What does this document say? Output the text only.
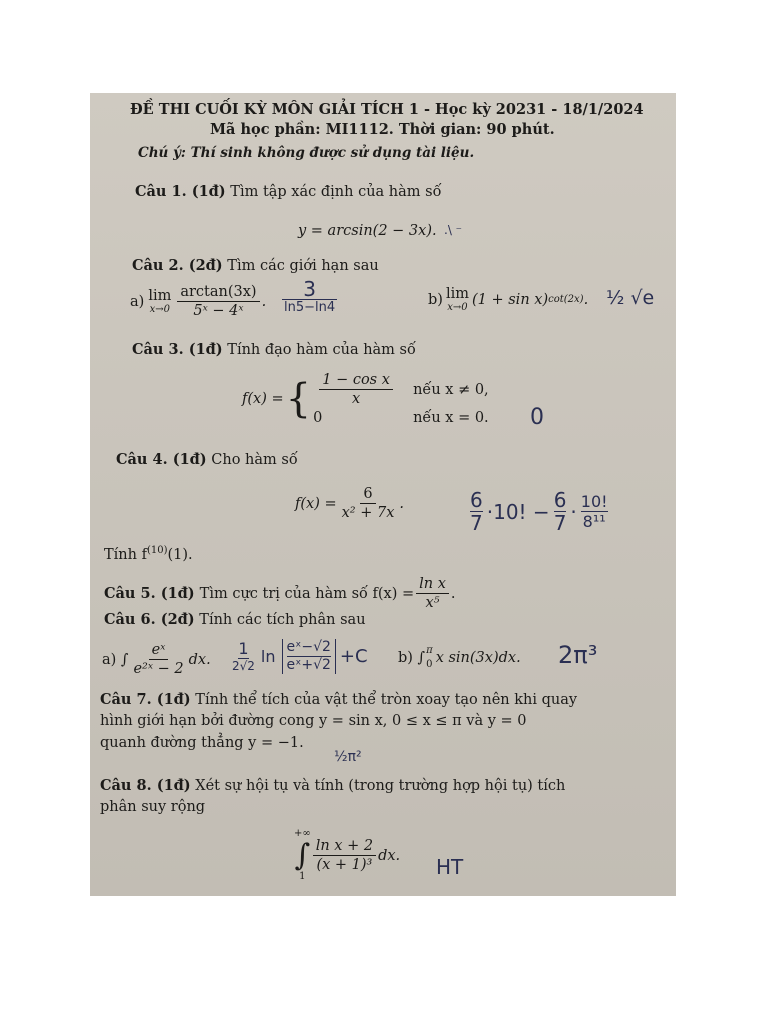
ĐỀ THI CUỐI KỲ MÔN GIẢI TÍCH 1 - Học kỳ 20231 - 18/1/2024
Mã học phần: MI1112. Thời gian: 90 phút.
Chú ý: Thí sinh không được sử dụng tài liệu.
Câu 1. (1đ) Tìm tập xác định của hàm số
y = arcsin(2 − 3x). .\ ⁻
Câu 2. (2đ) Tìm các giới hạn sau
a) lim
$x\to 0 \frac{\arctan(3x)}{\text{5ˣ − 4ˣ}}$ .
3
ln5−ln4	b) lim
x→0 (1 + sin x) cot(2x) . ½ √e
Câu 3. (1đ) Tính đạo hàm của hàm số
f(x) = { $\frac{\text{1 − cos x}}{x}$ nếu x ≠ 0,
0	nếu x = 0. 0
Câu 4. (1đ) Cho hàm số
$f(x) = \frac{6}{\text{x² + 7x}}$ .	$\frac{6}{7} \cdot 10$! − $\frac{6}{7} \cdot \frac{10!}{\text{8¹¹}}$
Tính $f^{(10)}(1)$.
Câu 5. (1đ) Tìm cực trị của hàm số $f(x) = \frac{\text{ln x}}{\text{x⁵}}$ .
Câu 6. (2đ) Tính các tích phân sau
a) ∫ $\frac{\text{eˣ}}{\text{e²ˣ − 2}}$ dx.
1
2√2
$\ln \frac{\text{eˣ−√2}}{\text{eˣ+√2}} +C$ b) ∫ π
0 x sin(3x)dx. 2π³
Câu 7. (1đ) Tính thể tích của vật thể tròn xoay tạo nên khi quay
hình giới hạn bởi đường cong y = sin x, 0 ≤ x ≤ π và y = 0
quanh đường thẳng y = −1.
½π²
Câu 8. (1đ) Xét sự hội tụ và tính (trong trường hợp hội tụ) tích
phân suy rộng
+∞
∫
1
$\frac{\text{ln x + 2}}{\text{(x + 1)³}}$ dx. HT
